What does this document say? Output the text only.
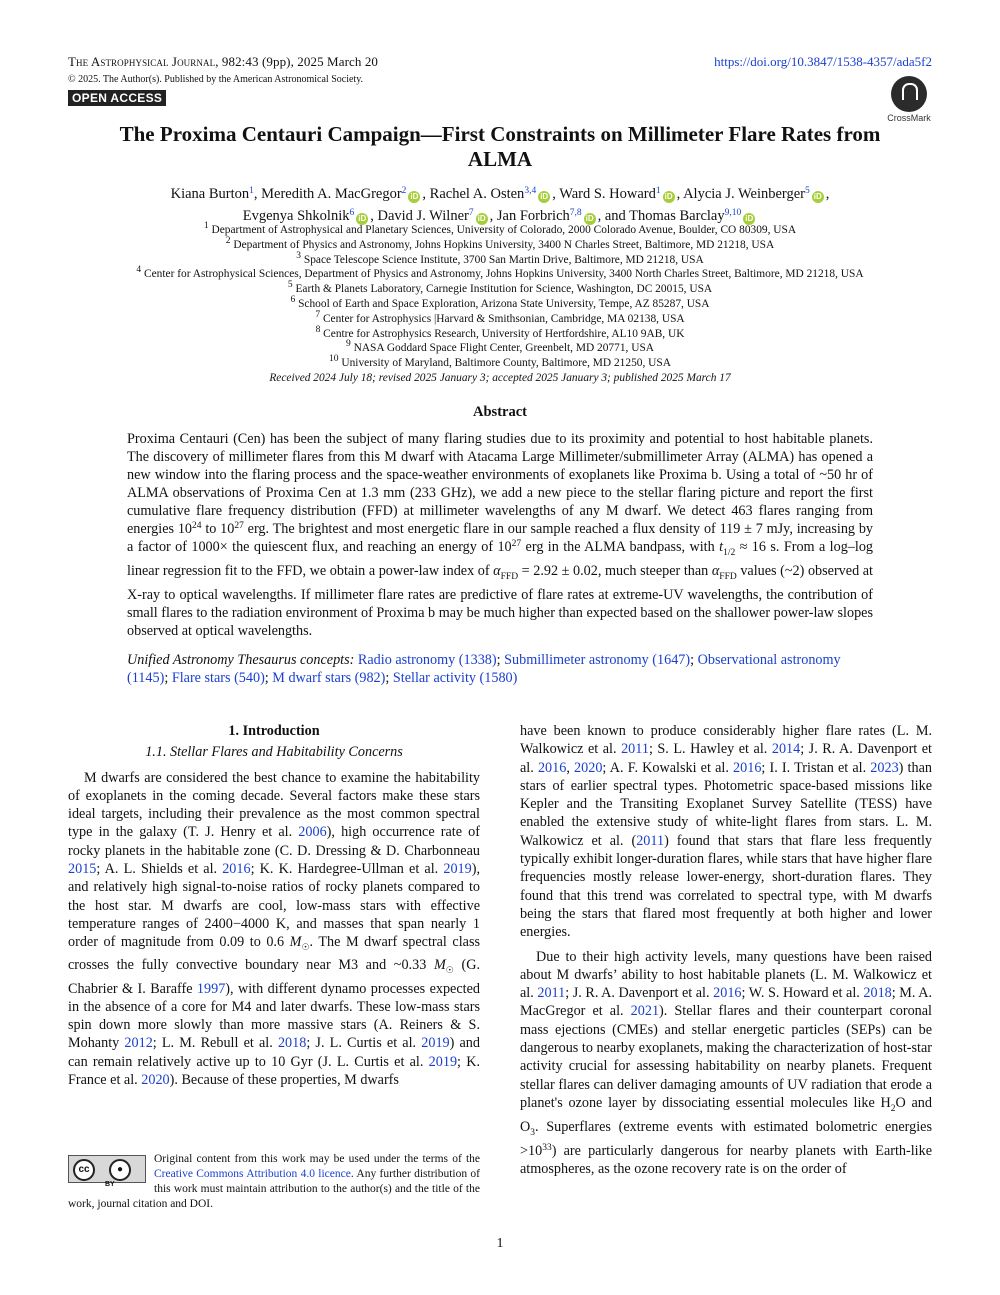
The Astrophysical Journal, 982:43 (9pp), 2025 March 20	https://doi.org/10.3847/1538-4357/ada5f2
© 2025. The Author(s). Published by the American Astronomical Society.
OPEN ACCESS
CrossMark
The Proxima Centauri Campaign—First Constraints on Millimeter Flare Rates from ALMA
Kiana Burton$^1$, Meredith A. MacGregor$^2$iD , Rachel A. Osten$^{3,4}$iD , Ward S. Howard$^1$iD , Alycia J. Weinberger$^5$iD ,
Evgenya Shkolnik$^6$iD , David J. Wilner$^7$iD , Jan Forbrich$^{7,8}$iD , and Thomas Barclay$^{9,10}$iD
$^1$ Department of Astrophysical and Planetary Sciences, University of Colorado, 2000 Colorado Avenue, Boulder, CO 80309, USA
$^2$ Department of Physics and Astronomy, Johns Hopkins University, 3400 N Charles Street, Baltimore, MD 21218, USA
$^3$ Space Telescope Science Institute, 3700 San Martin Drive, Baltimore, MD 21218, USA
$^4$ Center for Astrophysical Sciences, Department of Physics and Astronomy, Johns Hopkins University, 3400 North Charles Street, Baltimore, MD 21218, USA
$^5$ Earth & Planets Laboratory, Carnegie Institution for Science, Washington, DC 20015, USA
$^6$ School of Earth and Space Exploration, Arizona State University, Tempe, AZ 85287, USA
$^7$ Center for Astrophysics |Harvard & Smithsonian, Cambridge, MA 02138, USA
$^8$ Centre for Astrophysics Research, University of Hertfordshire, AL10 9AB, UK
$^9$ NASA Goddard Space Flight Center, Greenbelt, MD 20771, USA
$^{10}$ University of Maryland, Baltimore County, Baltimore, MD 21250, USA
Received 2024 July 18; revised 2025 January 3; accepted 2025 January 3; published 2025 March 17
Abstract
Proxima Centauri (Cen) has been the subject of many flaring studies due to its proximity and potential to host habitable planets. The discovery of millimeter flares from this M dwarf with Atacama Large Millimeter/submillimeter Array (ALMA) has opened a new window into the flaring process and the space-weather environments of exoplanets like Proxima b. Using a total of ~50 hr of ALMA observations of Proxima Cen at 1.3 mm (233 GHz), we add a new piece to the stellar flaring picture and report the first cumulative flare frequency distribution (FFD) at millimeter wavelengths of any M dwarf. We detect 463 flares ranging from energies $10^{24}$ to $10^{27}$ erg. The brightest and most energetic flare in our sample reached a flux density of 119 ± 7 mJy, increasing by a factor of 1000× the quiescent flux, and reaching an energy of $10^{27}$ erg in the ALMA bandpass, with $t_{1/2} \approx 16$ s. From a log–log linear regression fit to the FFD, we obtain a power-law index of $\alpha_{FFD} = 2.92 \pm 0.02$, much steeper than $\alpha_{FFD}$ values (~2) observed at X-ray to optical wavelengths. If millimeter flare rates are predictive of flare rates at extreme-UV wavelengths, the contribution of small flares to the radiation environment of Proxima b may be much higher than expected based on the shallower power-law slopes observed at optical wavelengths.
Unified Astronomy Thesaurus concepts: Radio astronomy (1338); Submillimeter astronomy (1647); Observational astronomy (1145); Flare stars (540); M dwarf stars (982); Stellar activity (1580)
1. Introduction
1.1. Stellar Flares and Habitability Concerns

M dwarfs are considered the best chance to examine the habitability of exoplanets in the coming decade. Several factors make these stars ideal targets, including their prevalence as the most common spectral type in the galaxy (T. J. Henry et al. 2006), high occurrence rate of rocky planets in the habitable zone (C. D. Dressing & D. Charbonneau 2015; A. L. Shields et al. 2016; K. K. Hardegree-Ullman et al. 2019), and relatively high signal-to-noise ratios of rocky planets compared to the host star. M dwarfs are cool, low-mass stars with effective temperature ranges of 2400−4000 K, and masses that span nearly 1 order of magnitude from 0.09 to 0.6 $M_☉$. The M dwarf spectral class crosses the fully convective boundary near M3 and ~0.33 $M_☉$ (G. Chabrier & I. Baraffe 1997), with different dynamo processes expected in the absence of a core for M4 and later dwarfs. These low-mass stars spin down more slowly than more massive stars (A. Reiners & S. Mohanty 2012; L. M. Rebull et al. 2018; J. L. Curtis et al. 2019) and can remain relatively active up to 10 Gyr (J. L. Curtis et al. 2019; K. France et al. 2020). Because of these properties, M dwarfs

cc	●
BY
Original content from this work may be used under the terms of the Creative Commons Attribution 4.0 licence. Any further distribution of this work must maintain attribution to the author(s) and the title of the work, journal citation and DOI.

have been known to produce considerably higher flare rates (L. M. Walkowicz et al. 2011; S. L. Hawley et al. 2014; J. R. A. Davenport et al. 2016, 2020; A. F. Kowalski et al. 2016; I. I. Tristan et al. 2023) than stars of earlier spectral types. Photometric space-based missions like Kepler and the Transiting Exoplanet Survey Satellite (TESS) have enabled the extensive study of white-light flares from stars. L. M. Walkowicz et al. (2011) found that stars that flare less frequently typically exhibit longer-duration flares, while stars that have higher flare frequencies mostly release lower-energy, short-duration flares. They found that this trend was correlated to spectral type, with M dwarfs being the stars that flared most frequently at both higher and lower energies.

Due to their high activity levels, many questions have been raised about M dwarfs’ ability to host habitable planets (L. M. Walkowicz et al. 2011; J. R. A. Davenport et al. 2016; W. S. Howard et al. 2018; M. A. MacGregor et al. 2021). Stellar flares and their counterpart coronal mass ejections (CMEs) and stellar energetic particles (SEPs) can be dangerous to nearby exoplanets, making the characterization of host-star activity crucial for assessing habitability on nearby planets. Frequent stellar flares can deliver damaging amounts of UV radiation that erode a planet's ozone layer by dissociating essential molecules like $H_2O$ and $O_3$. Superflares (extreme events with estimated bolometric energies $>10^{33}$) are particularly dangerous for nearby planets with Earth-like atmospheres, as the ozone recovery rate is on the order of

1
